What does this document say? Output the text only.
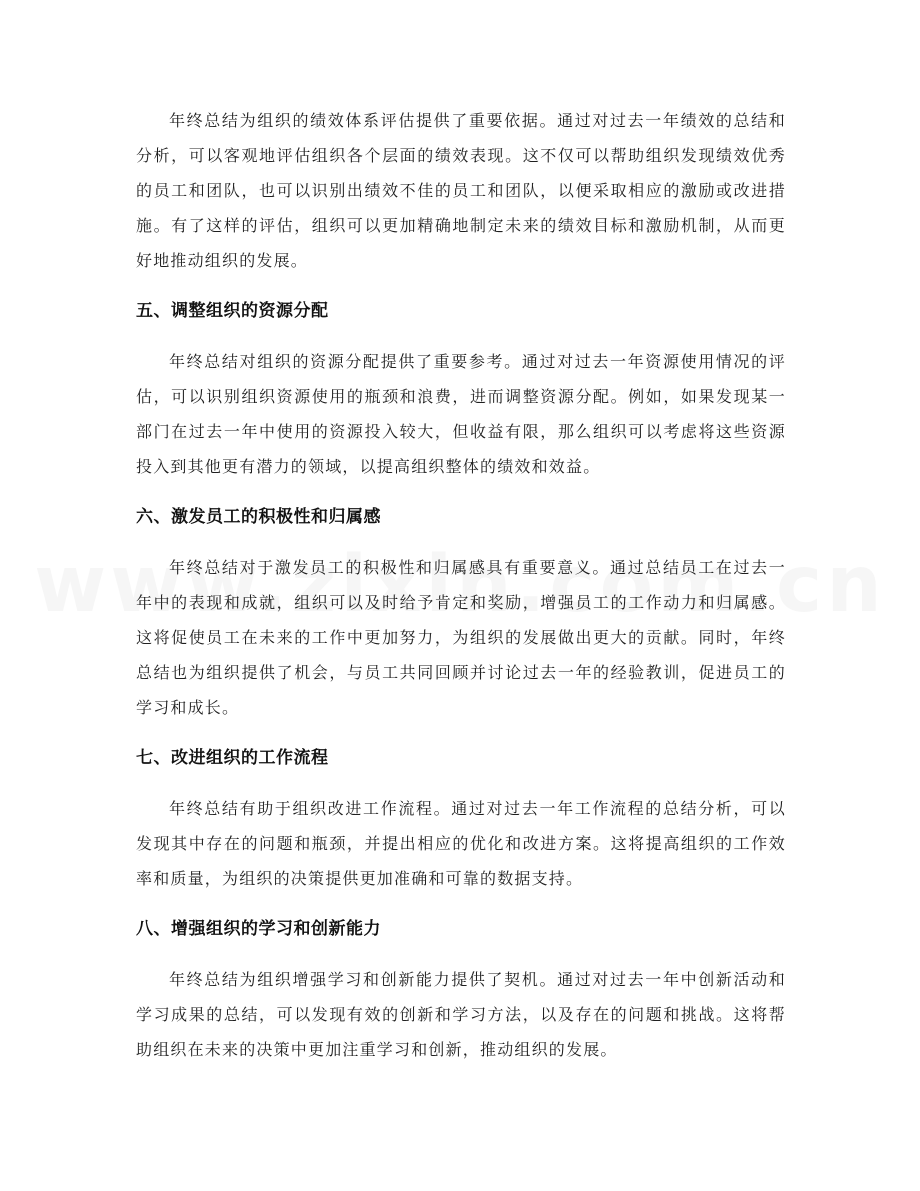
年终总结为组织的绩效体系评估提供了重要依据。通过对过去一年绩效的总结和分析，可以客观地评估组织各个层面的绩效表现。这不仅可以帮助组织发现绩效优秀的员工和团队，也可以识别出绩效不佳的员工和团队，以便采取相应的激励或改进措施。有了这样的评估，组织可以更加精确地制定未来的绩效目标和激励机制，从而更好地推动组织的发展。

五、调整组织的资源分配

年终总结对组织的资源分配提供了重要参考。通过对过去一年资源使用情况的评估，可以识别组织资源使用的瓶颈和浪费，进而调整资源分配。例如，如果发现某一部门在过去一年中使用的资源投入较大，但收益有限，那么组织可以考虑将这些资源投入到其他更有潜力的领域，以提高组织整体的绩效和效益。

六、激发员工的积极性和归属感

年终总结对于激发员工的积极性和归属感具有重要意义。通过总结员工在过去一年中的表现和成就，组织可以及时给予肯定和奖励，增强员工的工作动力和归属感。这将促使员工在未来的工作中更加努力，为组织的发展做出更大的贡献。同时，年终总结也为组织提供了机会，与员工共同回顾并讨论过去一年的经验教训，促进员工的学习和成长。

七、改进组织的工作流程

年终总结有助于组织改进工作流程。通过对过去一年工作流程的总结分析，可以发现其中存在的问题和瓶颈，并提出相应的优化和改进方案。这将提高组织的工作效率和质量，为组织的决策提供更加准确和可靠的数据支持。

八、增强组织的学习和创新能力

年终总结为组织增强学习和创新能力提供了契机。通过对过去一年中创新活动和学习成果的总结，可以发现有效的创新和学习方法，以及存在的问题和挑战。这将帮助组织在未来的决策中更加注重学习和创新，推动组织的发展。
